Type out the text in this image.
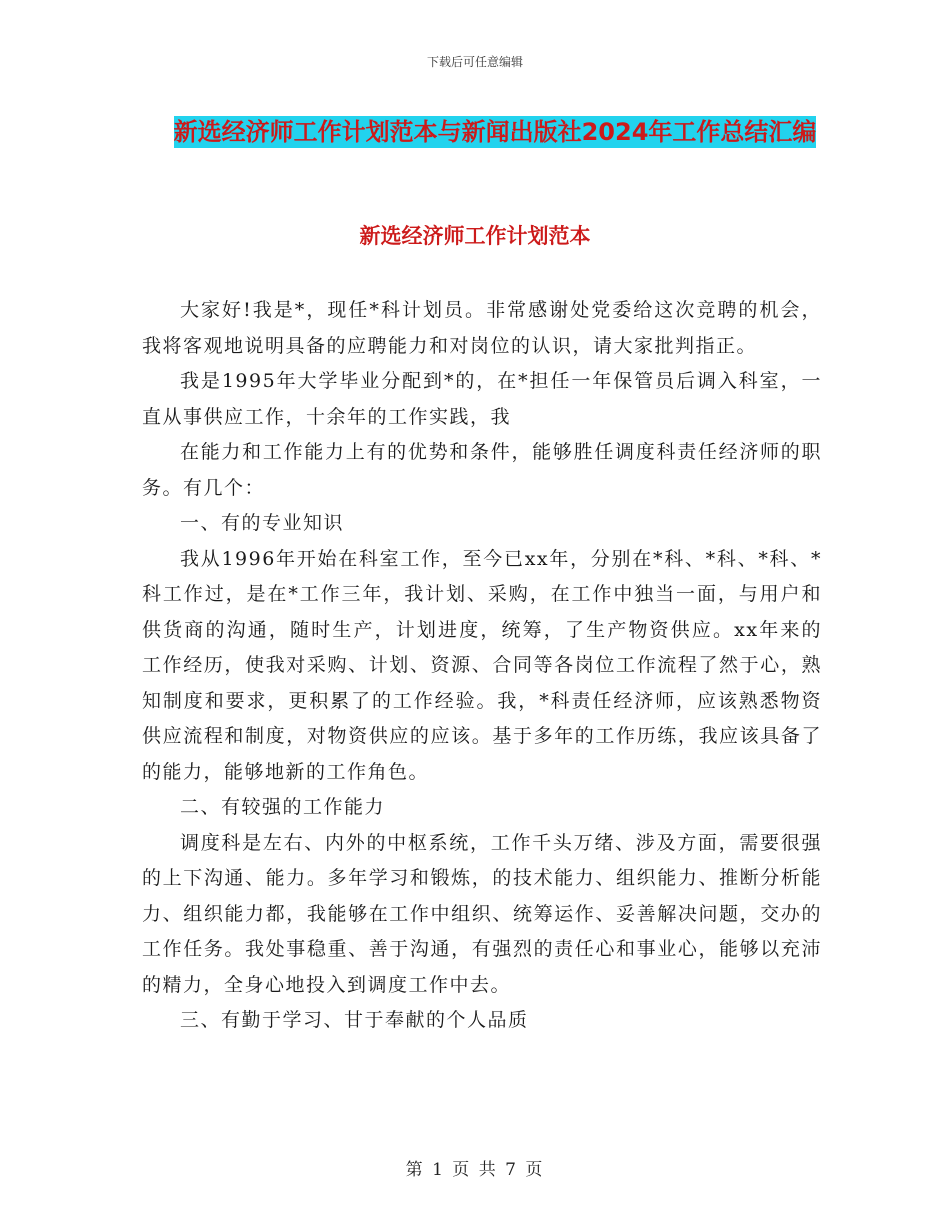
下载后可任意编辑
新选经济师工作计划范本与新闻出版社2024年工作总结汇编
新选经济师工作计划范本

大家好!我是*，现任*科计划员。非常感谢处党委给这次竞聘的机会，我将客观地说明具备的应聘能力和对岗位的认识，请大家批判指正。

我是1995年大学毕业分配到*的，在*担任一年保管员后调入科室，一直从事供应工作，十余年的工作实践，我

在能力和工作能力上有的优势和条件，能够胜任调度科责任经济师的职务。有几个：

一、有的专业知识

我从1996年开始在科室工作，至今已xx年，分别在*科、*科、*科、*科工作过，是在*工作三年，我计划、采购，在工作中独当一面，与用户和供货商的沟通，随时生产，计划进度，统筹，了生产物资供应。xx年来的工作经历，使我对采购、计划、资源、合同等各岗位工作流程了然于心，熟知制度和要求，更积累了的工作经验。我，*科责任经济师，应该熟悉物资供应流程和制度，对物资供应的应该。基于多年的工作历练，我应该具备了的能力，能够地新的工作角色。

二、有较强的工作能力

调度科是左右、内外的中枢系统，工作千头万绪、涉及方面，需要很强的上下沟通、能力。多年学习和锻炼，的技术能力、组织能力、推断分析能力、组织能力都，我能够在工作中组织、统筹运作、妥善解决问题，交办的工作任务。我处事稳重、善于沟通，有强烈的责任心和事业心，能够以充沛的精力，全身心地投入到调度工作中去。

三、有勤于学习、甘于奉献的个人品质

第 1 页 共 7 页
